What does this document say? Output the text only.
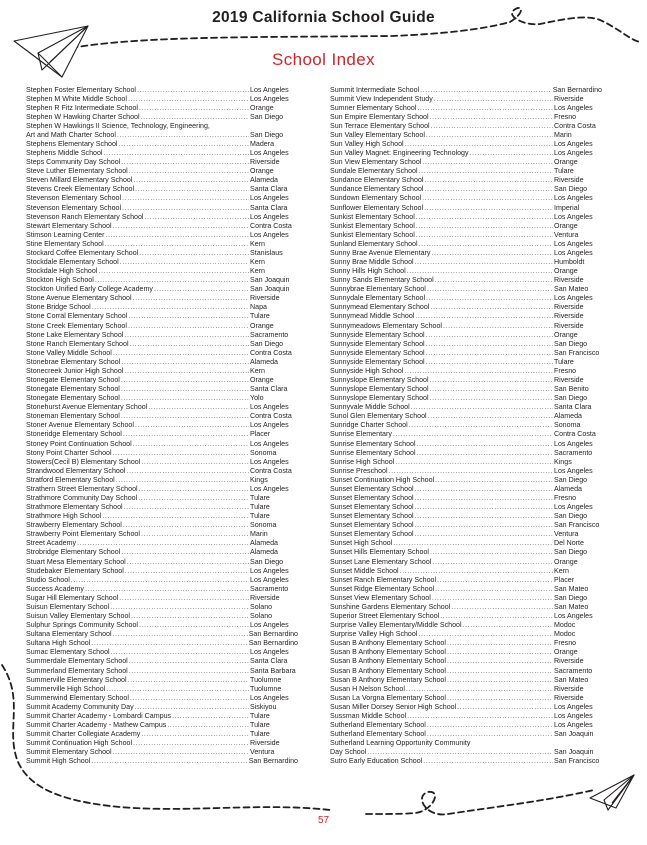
2019 California School Guide
School Index
Stephen Foster Elementary School .....	Los Angeles
Stephen M White Middle School .....	Los Angeles
Stephen R Fitz Intermediate School .....	Orange
Stephen W Hawking Charter School .....	San Diego
Stephen W Hawkings II Science, Technology, Engineering,
Art and Math Charter School .....	San Diego
Stephens Elementary School .....	Madera
Stephens Middle School .....	Los Angeles
Steps Community Day School .....	Riverside
Steve Luther Elementary School .....	Orange
Steven Millard Elementary School .....	Alameda
Stevens Creek Elementary School .....	Santa Clara
Stevenson Elementary School .....	Los Angeles
Stevenson Elementary School .....	Santa Clara
Stevenson Ranch Elementary School .....	Los Angeles
Stewart Elementary School .....	Contra Costa
Stimson Learning Center .....	Los Angeles
Stine Elementary School .....	Kern
Stockard Coffee Elementary School .....	Stanislaus
Stockdale Elementary School .....	Kern
Stockdale High School .....	Kern
Stockton High School .....	San Joaquin
Stockton Unified Early College Academy .....	San Joaquin
Stone Avenue Elementary School .....	Riverside
Stone Bridge School .....	Napa
Stone Corral Elementary School .....	Tulare
Stone Creek Elementary School .....	Orange
Stone Lake Elementary School .....	Sacramento
Stone Ranch Elementary School .....	San Diego
Stone Valley Middle School .....	Contra Costa
Stonebrae Elementary School .....	Alameda
Stonecreek Junior High School .....	Kern
Stonegate Elementary School .....	Orange
Stonegate Elementary School .....	Santa Clara
Stonegate Elementary School .....	Yolo
Stonehurst Avenue Elementary School .....	Los Angeles
Stoneman Elementary School .....	Contra Costa
Stoner Avenue Elementary School .....	Los Angeles
Stoneridge Elementary School .....	Placer
Stoney Point Continuation School .....	Los Angeles
Stony Point Charter School .....	Sonoma
Stowers(Cecil B) Elementary School .....	Los Angeles
Strandwood Elementary School .....	Contra Costa
Stratford Elementary School .....	Kings
Strathern Street Elementary School .....	Los Angeles
Strathmore Community Day School .....	Tulare
Strathmore Elementary School .....	Tulare
Strathmore High School .....	Tulare
Strawberry Elementary School .....	Sonoma
Strawberry Point Elementary School .....	Marin
Street Academy .....	Alameda
Strobridge Elementary School .....	Alameda
Stuart Mesa Elementary School .....	San Diego
Studebaker Elementary School .....	Los Angeles
Studio School .....	Los Angeles
Success Academy .....	Sacramento
Sugar Hill Elementary School .....	Riverside
Suisun Elementary School .....	Solano
Suisun Valley Elementary School .....	Solano
Sulphur Springs Community School .....	Los Angeles
Sultana Elementary School .....	San Bernardino
Sultana High School .....	San Bernardino
Sumac Elementary School .....	Los Angeles
Summerdale Elementary School .....	Santa Clara
Summerland Elementary School .....	Santa Barbara
Summerville Elementary School .....	Tuolumne
Summerville High School .....	Tuolumne
Summerwind Elementary School .....	Los Angeles
Summit Academy Community Day .....	Siskiyou
Summit Charter Academy - Lombardi Campus .....	Tulare
Summit Charter Academy - Mathew Campus .....	Tulare
Summit Charter Collegiate Academy .....	Tulare
Summit Continuation High School .....	Riverside
Summit Elementary School .....	Ventura
Summit High School .....	San Bernardino
Summit Intermediate School .....	San Bernardino
Summit View Independent Study .....	Riverside
Sumner Elementary School .....	Los Angeles
Sun Empire Elementary School .....	Fresno
Sun Terrace Elementary School .....	Contra Costa
Sun Valley Elementary School .....	Marin
Sun Valley High School .....	Los Angeles
Sun Valley Magnet: Engineering Technology .....	Los Angeles
Sun View Elementary School .....	Orange
Sundale Elementary School .....	Tulare
Sundance Elementary School .....	Riverside
Sundance Elementary School .....	San Diego
Sundown Elementary School .....	Los Angeles
Sunflower Elementary School .....	Imperial
Sunkist Elementary School .....	Los Angeles
Sunkist Elementary School .....	Orange
Sunkist Elementary School .....	Ventura
Sunland Elementary School .....	Los Angeles
Sunny Brae Avenue Elementary .....	Los Angeles
Sunny Brae Middle School .....	Humboldt
Sunny Hills High School .....	Orange
Sunny Sands Elementary School .....	Riverside
Sunnybrae Elementary School .....	San Mateo
Sunnydale Elementary School .....	Los Angeles
Sunnymead Elementary School .....	Riverside
Sunnymead Middle School .....	Riverside
Sunnymeadows Elementary School .....	Riverside
Sunnyside Elementary School .....	Orange
Sunnyside Elementary School .....	San Diego
Sunnyside Elementary School .....	San Francisco
Sunnyside Elementary School .....	Tulare
Sunnyside High School .....	Fresno
Sunnyslope Elementary School .....	Riverside
Sunnyslope Elementary School .....	San Benito
Sunnyslope Elementary School .....	San Diego
Sunnyvale Middle School .....	Santa Clara
Sunol Glen Elementary School .....	Alameda
Sunridge Charter School .....	Sonoma
Sunrise Elementary .....	Contra Costa
Sunrise Elementary School .....	Los Angeles
Sunrise Elementary School .....	Sacramento
Sunrise High School .....	Kings
Sunrise Preschool .....	Los Angeles
Sunset Continuation High School .....	San Diego
Sunset Elementary School .....	Alameda
Sunset Elementary School .....	Fresno
Sunset Elementary School .....	Los Angeles
Sunset Elementary School .....	San Diego
Sunset Elementary School .....	San Francisco
Sunset Elementary School .....	Ventura
Sunset High School .....	Del Norte
Sunset Hills Elementary School .....	San Diego
Sunset Lane Elementary School .....	Orange
Sunset Middle School .....	Kern
Sunset Ranch Elementary School .....	Placer
Sunset Ridge Elementary School .....	San Mateo
Sunset View Elementary School .....	San Diego
Sunshine Gardens Elementary School .....	San Mateo
Superior Street Elementary School .....	Los Angeles
Surprise Valley Elementary/Middle School .....	Modoc
Surprise Valley High School .....	Modoc
Susan B Anthony Elementary School .....	Fresno
Susan B Anthony Elementary School .....	Orange
Susan B Anthony Elementary School .....	Riverside
Susan B Anthony Elementary School .....	Sacramento
Susan B Anthony Elementary School .....	San Mateo
Susan H Nelson School .....	Riverside
Susan La Vorgna Elementary School .....	Riverside
Susan Miller Dorsey Senior High School .....	Los Angeles
Sussman Middle School .....	Los Angeles
Sutherland Elementary School .....	Los Angeles
Sutherland Elementary School .....	San Joaquin
Sutherland Learning Opportunity Community
Day School .....	San Joaquin
Sutro Early Education School .....	San Francisco
57
